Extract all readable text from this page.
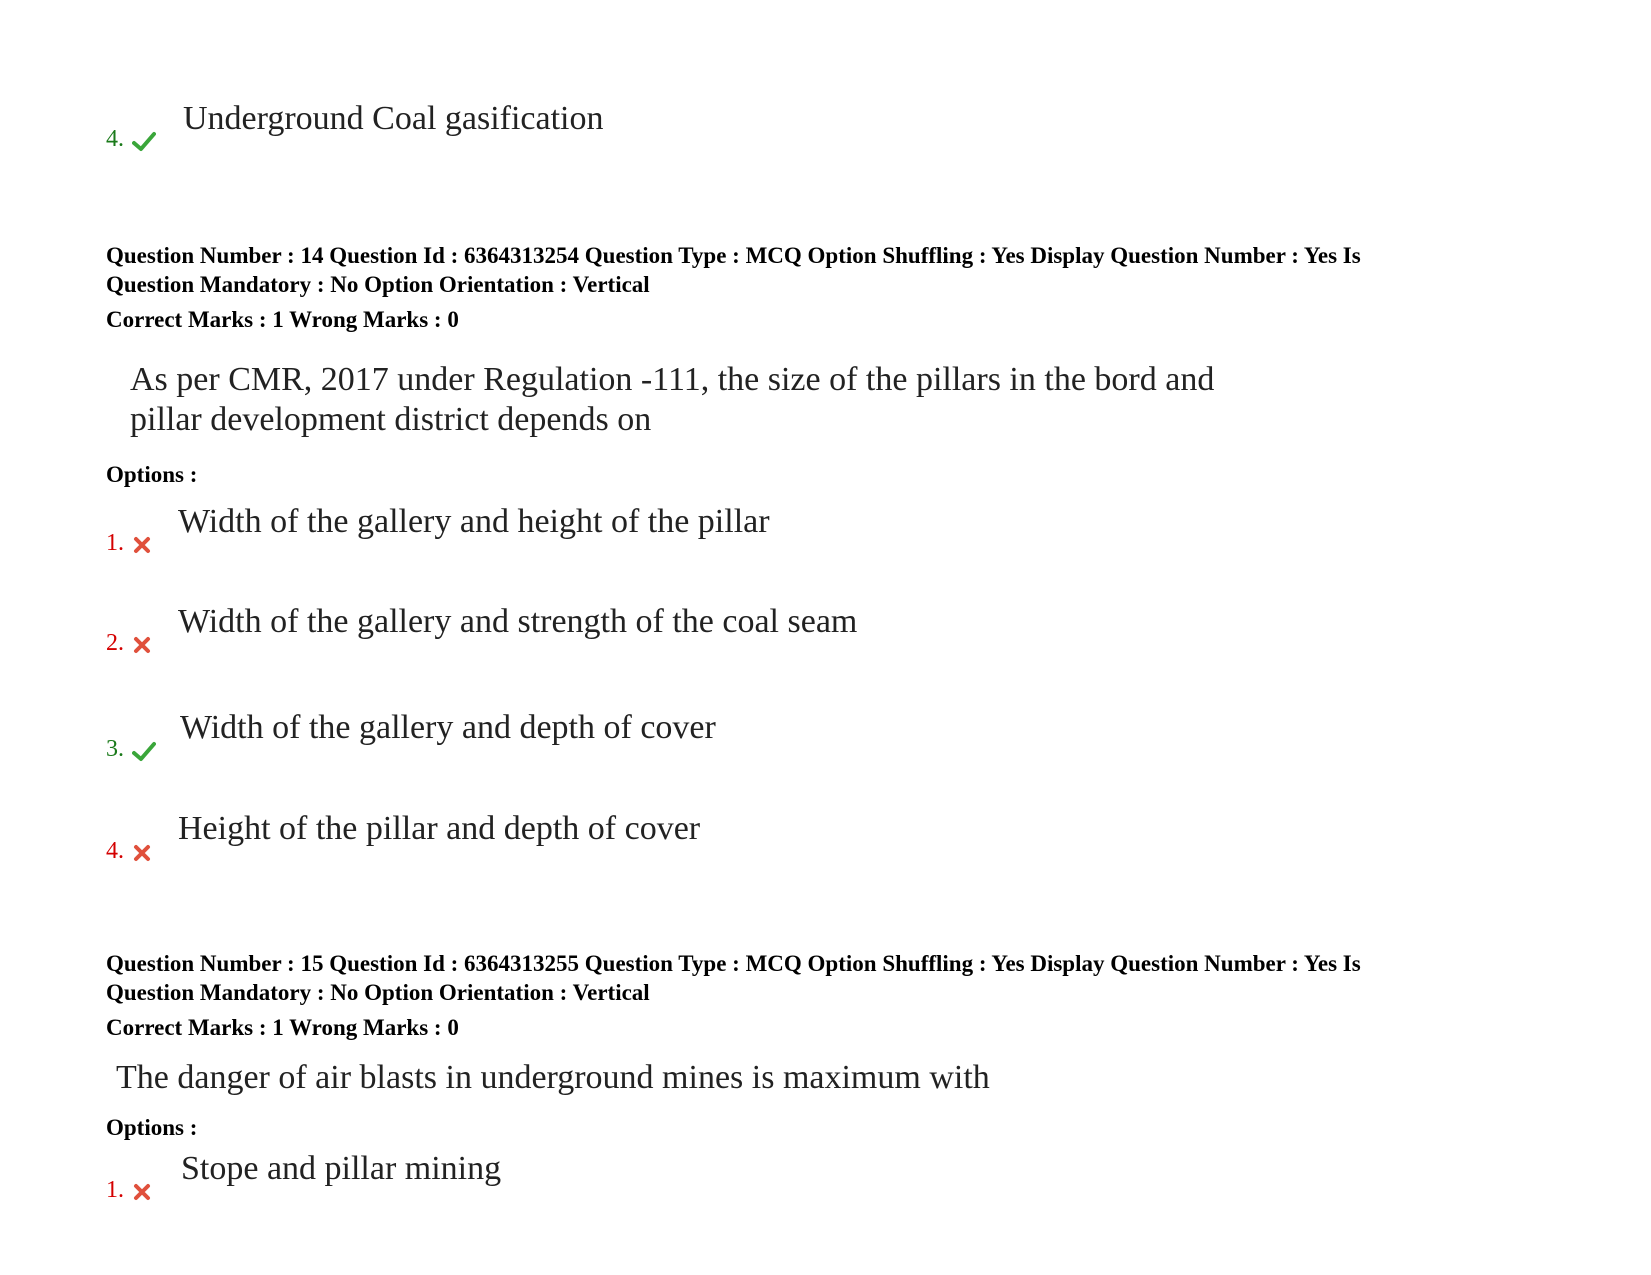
4.
Underground Coal gasification
Question Number : 14 Question Id : 6364313254 Question Type : MCQ Option Shuffling : Yes Display Question Number : Yes Is
Question Mandatory : No Option Orientation : Vertical
Correct Marks : 1 Wrong Marks : 0
As per CMR, 2017 under Regulation -111, the size of the pillars in the bord and
pillar development district depends on
Options :
1.
Width of the gallery and height of the pillar
2.
Width of the gallery and strength of the coal seam
3.
Width of the gallery and depth of cover
4.
Height of the pillar and depth of cover
Question Number : 15 Question Id : 6364313255 Question Type : MCQ Option Shuffling : Yes Display Question Number : Yes Is
Question Mandatory : No Option Orientation : Vertical
Correct Marks : 1 Wrong Marks : 0
The danger of air blasts in underground mines is maximum with
Options :
1.
Stope and pillar mining
